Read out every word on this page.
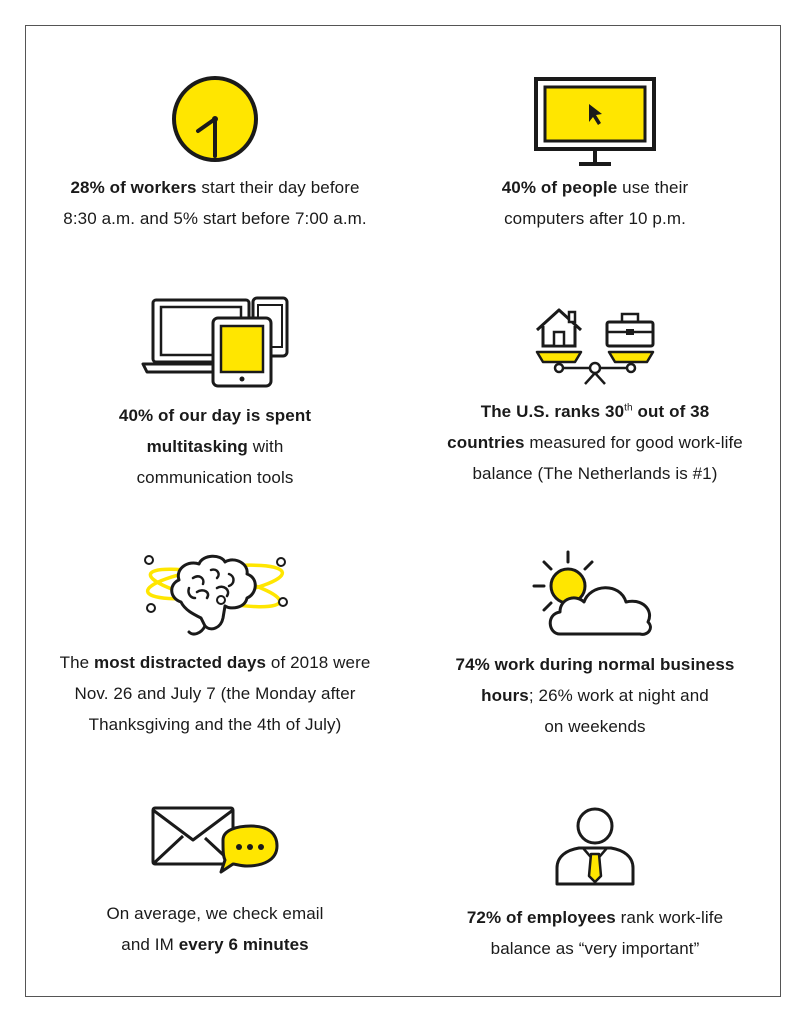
28% of workers start their day before
8:30 a.m. and 5% start before 7:00 a.m.

40% of people use their
computers after 10 p.m.

40% of our day is spent
multitasking with
communication tools

The U.S. ranks 30th out of 38
countries measured for good work-life
balance (The Netherlands is #1)

The most distracted days of 2018 were
Nov. 26 and July 7 (the Monday after
Thanksgiving and the 4th of July)

74% work during normal business
hours; 26% work at night and
on weekends

On average, we check email
and IM every 6 minutes

72% of employees rank work-life
balance as “very important”
